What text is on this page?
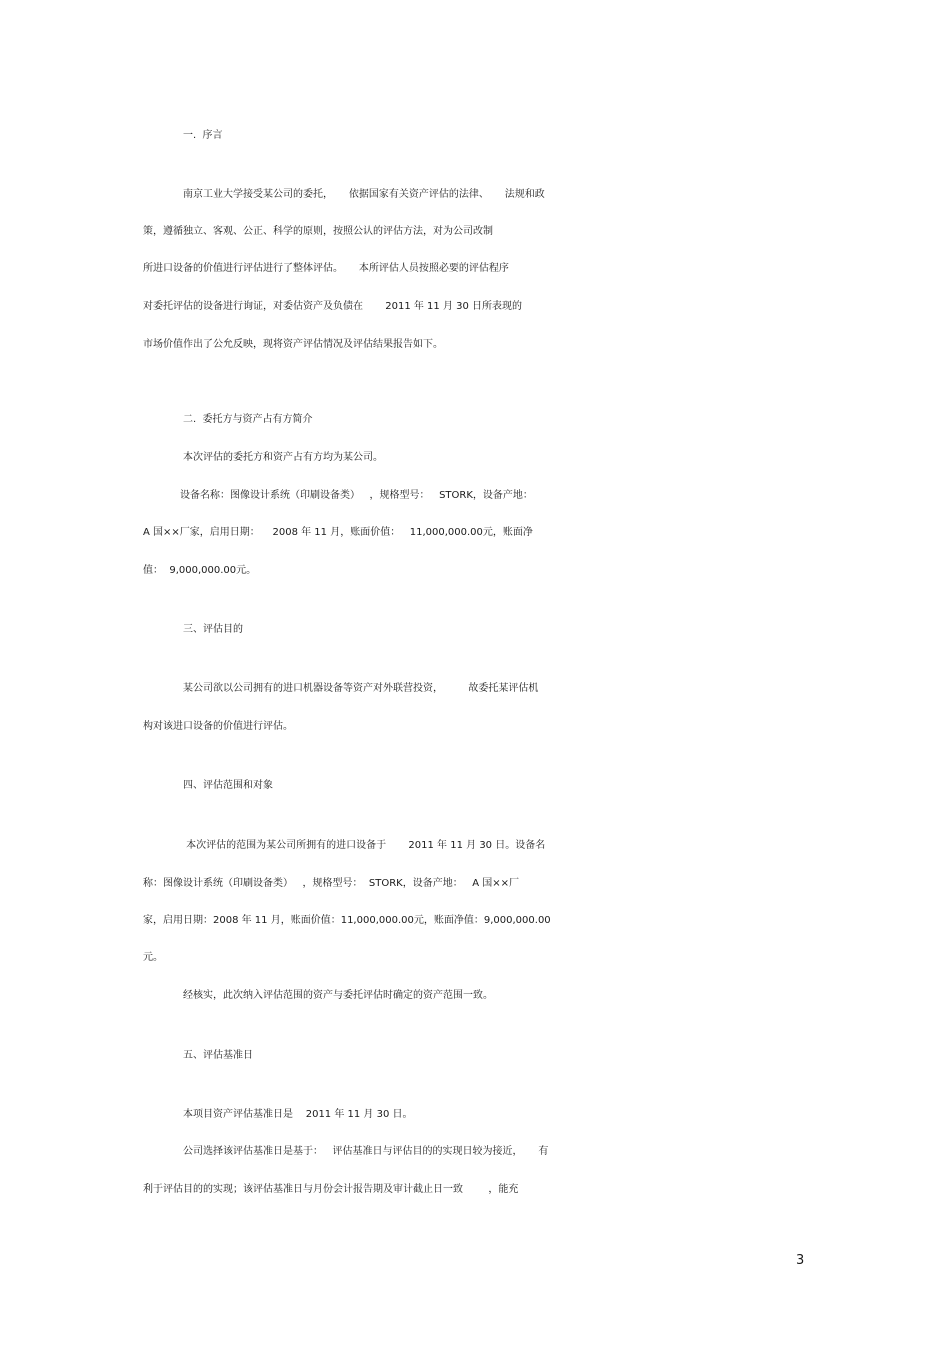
一.  序言
南京工业大学接受某公司的委托，     依据国家有关资产评估的法律、     法规和政
策，遵循独立、客观、公正、科学的原则，按照公认的评估方法，对为公司改制
所进口设备的价值进行评估进行了整体评估。     本所评估人员按照必要的评估程序
对委托评估的设备进行询证，对委估资产及负债在       2011 年 11 月 30 日所表现的
市场价值作出了公允反映，现将资产评估情况及评估结果报告如下。
二.  委托方与资产占有方简介
本次评估的委托方和资产占有方均为某公司。
设备名称：图像设计系统（印刷设备类）   ，规格型号：   STORK，设备产地：
A 国××厂家，启用日期：    2008 年 11 月，账面价值：   11,000,000.00元，账面净
值：  9,000,000.00元。
三、评估目的
某公司欲以公司拥有的进口机器设备等资产对外联营投资，        故委托某评估机
构对该进口设备的价值进行评估。
四、评估范围和对象
本次评估的范围为某公司所拥有的进口设备于       2011 年 11 月 30 日。设备名
称：图像设计系统（印刷设备类）   ，规格型号：  STORK，设备产地：   A 国××厂
家，启用日期：2008 年 11 月，账面价值：11,000,000.00元，账面净值：9,000,000.00
元。
经核实，此次纳入评估范围的资产与委托评估时确定的资产范围一致。
五、评估基准日
本项目资产评估基准日是    2011 年 11 月 30 日。
公司选择该评估基准日是基于：   评估基准日与评估目的的实现日较为接近，     有
利于评估目的的实现；该评估基准日与月份会计报告期及审计截止日一致        ，能充
3
